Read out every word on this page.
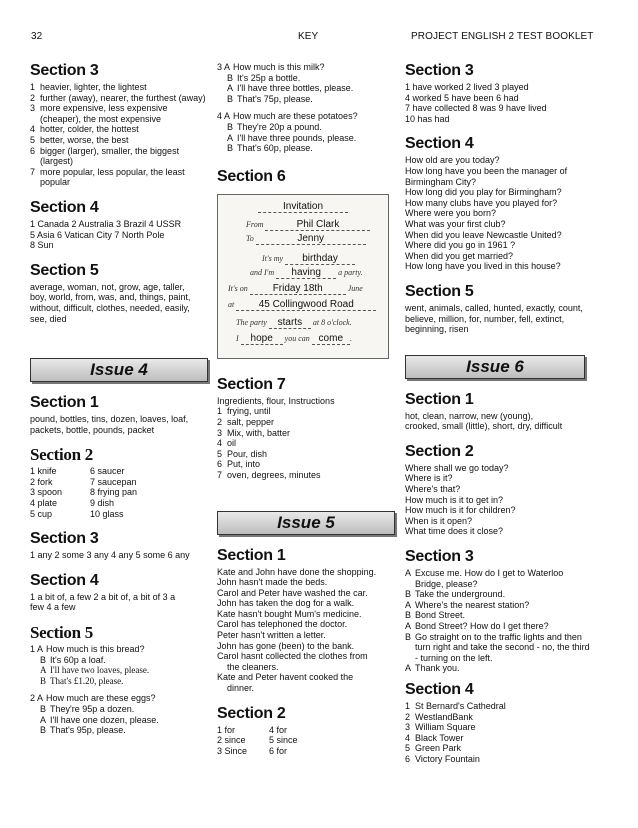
32	KEY	PROJECT ENGLISH 2 TEST BOOKLET
Section 3
1 heavier, lighter, the lightest
2 further (away), nearer, the furthest (away)
3 more expensive, less expensive (cheaper), the most expensive
4 hotter, colder, the hottest
5 better, worse, the best
6 bigger (larger), smaller, the biggest (largest)
7 more popular, less popular, the least popular
Section 4
1 Canada 2 Australia 3 Brazil 4 USSR
5 Asia 6 Vatican City 7 North Pole
8 Sun
Section 5
average, woman, not, grow, age, taller, boy, world, from, was, and, things, paint, without, difficult, clothes, needed, easily, see, died
Issue 4
Section 1
pound, bottles, tins, dozen, loaves, loaf, packets, bottle, pounds, packet
Section 2
1 knife	6 saucer
2 fork	7 saucepan
3 spoon	8 frying pan
4 plate	9 dish
5 cup	10 glass
Section 3
1 any 2 some 3 any 4 any 5 some 6 any
Section 4
1 a bit of, a few 2 a bit of, a bit of 3 a few 4 a few
Section 5
1 A How much is this bread?
B It's 60p a loaf.
A I'll have two loaves, please.
B That's £1.20, please.
2 A How much are these eggs?
B They're 95p a dozen.
A I'll have one dozen, please.
B That's 95p, please.
3 A How much is this milk?
B It's 25p a bottle.
A I'll have three bottles, please.
B That's 75p, please.
4 A How much are these potatoes?
B They're 20p a pound.
A I'll have three pounds, please.
B That's 60p, please.
Section 6
Invitation
From	Phil Clark
To	Jenny
It's my birthday
and I'm having a party.
It's on Friday 18th	June
at 45 Collingwood Road
The party starts at 8 o'clock.
I hope you can come .
Section 7
Ingredients, flour, Instructions
1 frying, until
2 salt, pepper
3 Mix, with, batter
4 oil
5 Pour, dish
6 Put, into
7 oven, degrees, minutes
Issue 5
Section 1
Kate and John have done the shopping.
John hasn't made the beds.
Carol and Peter have washed the car.
John has taken the dog for a walk.
Kate hasn't bought Mum's medicine.
Carol has telephoned the doctor.
Peter hasn't written a letter.
John has gone (been) to the bank.
Carol hasnt collected the clothes from
the cleaners.
Kate and Peter havent cooked the
dinner.
Section 2
1 for	4 for
2 since	5 since
3 Since	6 for
Section 3
1 have worked 2 lived 3 played
4 worked 5 have been 6 had
7 have collected 8 was 9 have lived
10 has had
Section 4
How old are you today?
How long have you been the manager of
Birmingham City?
How long did you play for Birmingham?
How many clubs have you played for?
Where were you born?
What was your first club?
When did you leave Newcastle United?
Where did you go in 1961 ?
When did you get married?
How long have you lived in this house?
Section 5
went, animals, called, hunted, exactly, count, believe, million, for, number, fell, extinct, beginning, risen
Issue 6
Section 1
hot, clean, narrow, new (young), crooked, small (little), short, dry, difficult
Section 2
Where shall we go today?
Where is it?
Where's that?
How much is it to get in?
How much is it for children?
When is it open?
What time does it close?
Section 3
A Excuse me. How do I get to Waterloo Bridge, please?
B Take the underground.
A Where's the nearest station?
B Bond Street.
A Bond Street? How do I get there?
B Go straight on to the traffic lights and then turn right and take the second - no, the third - turning on the left.
A Thank you.
Section 4
1 St Bernard's Cathedral
2 WestlandBank
3 William Square
4 Black Tower
5 Green Park
6 Victory Fountain
